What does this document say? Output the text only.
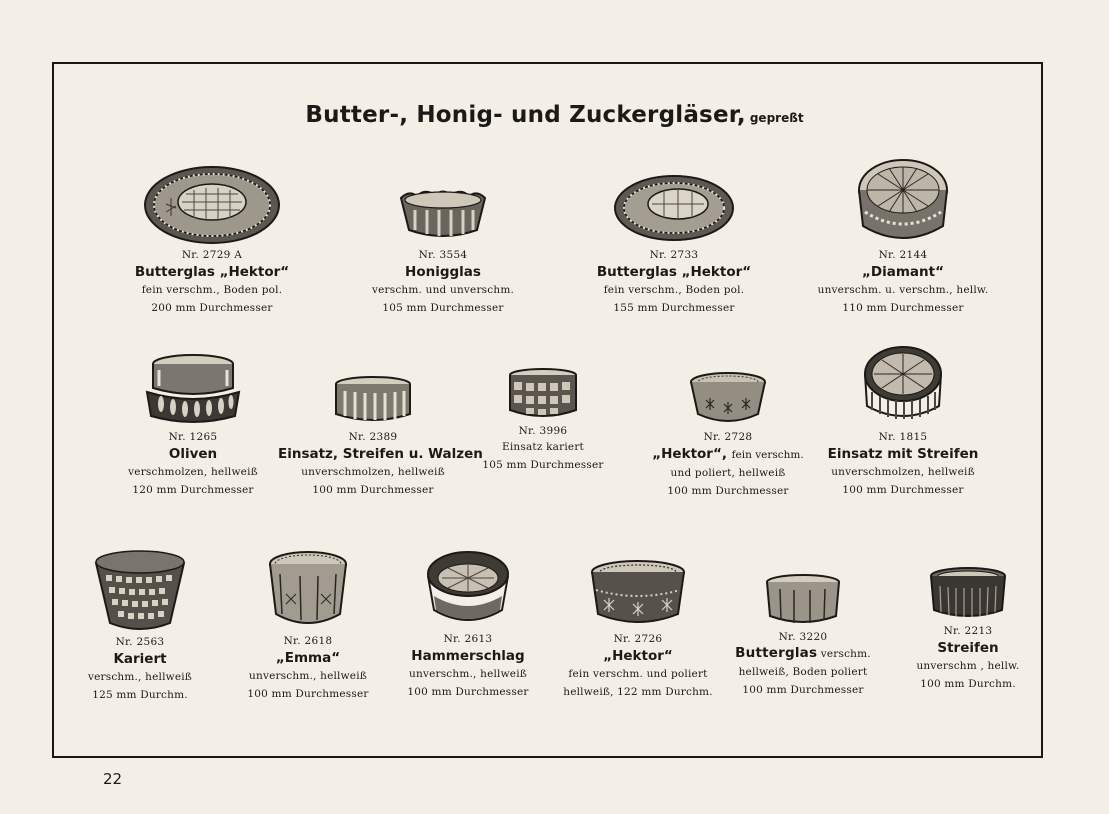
Butter-, Honig- und Zuckergläser, gepreßt
Nr. 2729 A
Butterglas „Hektor“
fein verschm., Boden pol.
200 mm Durchmesser
Nr. 3554
Honigglas
verschm. und unverschm.
105 mm Durchmesser
Nr. 2733
Butterglas „Hektor“
fein verschm., Boden pol.
155 mm Durchmesser
Nr. 2144
„Diamant“
unverschm. u. verschm., hellw.
110 mm Durchmesser
Nr. 1265
Oliven
verschmolzen, hellweiß
120 mm Durchmesser
Nr. 2389
Einsatz, Streifen u. Walzen
unverschmolzen, hellweiß
100 mm Durchmesser
Nr. 3996
Einsatz kariert
105 mm Durchmesser
Nr. 2728
„Hektor“, fein verschm.
und poliert, hellweiß
100 mm Durchmesser
Nr. 1815
Einsatz mit Streifen
unverschmolzen, hellweiß
100 mm Durchmesser
Nr. 2563
Kariert
verschm., hellweiß
125 mm Durchm.
Nr. 2618
„Emma“
unverschm., hellweiß
100 mm Durchmesser
Nr. 2613
Hammerschlag
unverschm., hellweiß
100 mm Durchmesser
Nr. 2726
„Hektor“
fein verschm. und poliert
hellweiß, 122 mm Durchm.
Nr. 3220
Butterglas verschm.
hellweiß, Boden poliert
100 mm Durchmesser
Nr. 2213
Streifen
unverschm , hellw.
100 mm Durchm.
22
